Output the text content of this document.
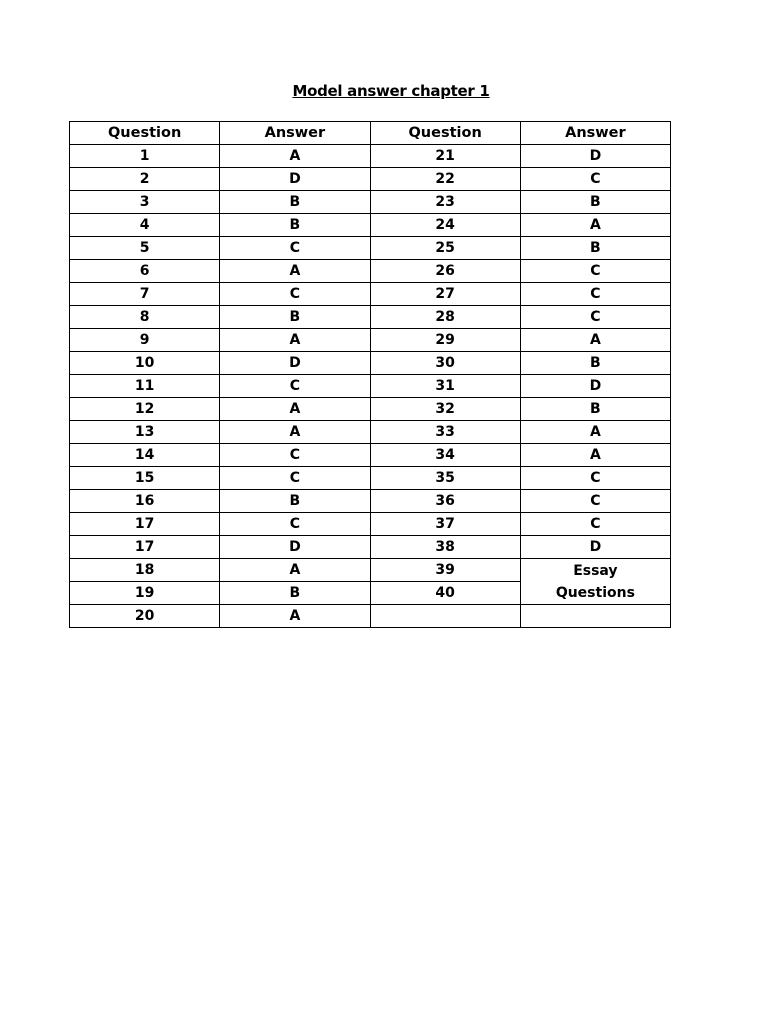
Model answer chapter 1
Question	Answer	Question	Answer
1	A	21	D
2	D	22	C
3	B	23	B
4	B	24	A
5	C	25	B
6	A	26	C
7	C	27	C
8	B	28	C
9	A	29	A
10	D	30	B
11	C	31	D
12	A	32	B
13	A	33	A
14	C	34	A
15	C	35	C
16	B	36	C
17	C	37	C
17	D	38	D
18	A	39	Essay
Questions

19	B	40	
20	A		
